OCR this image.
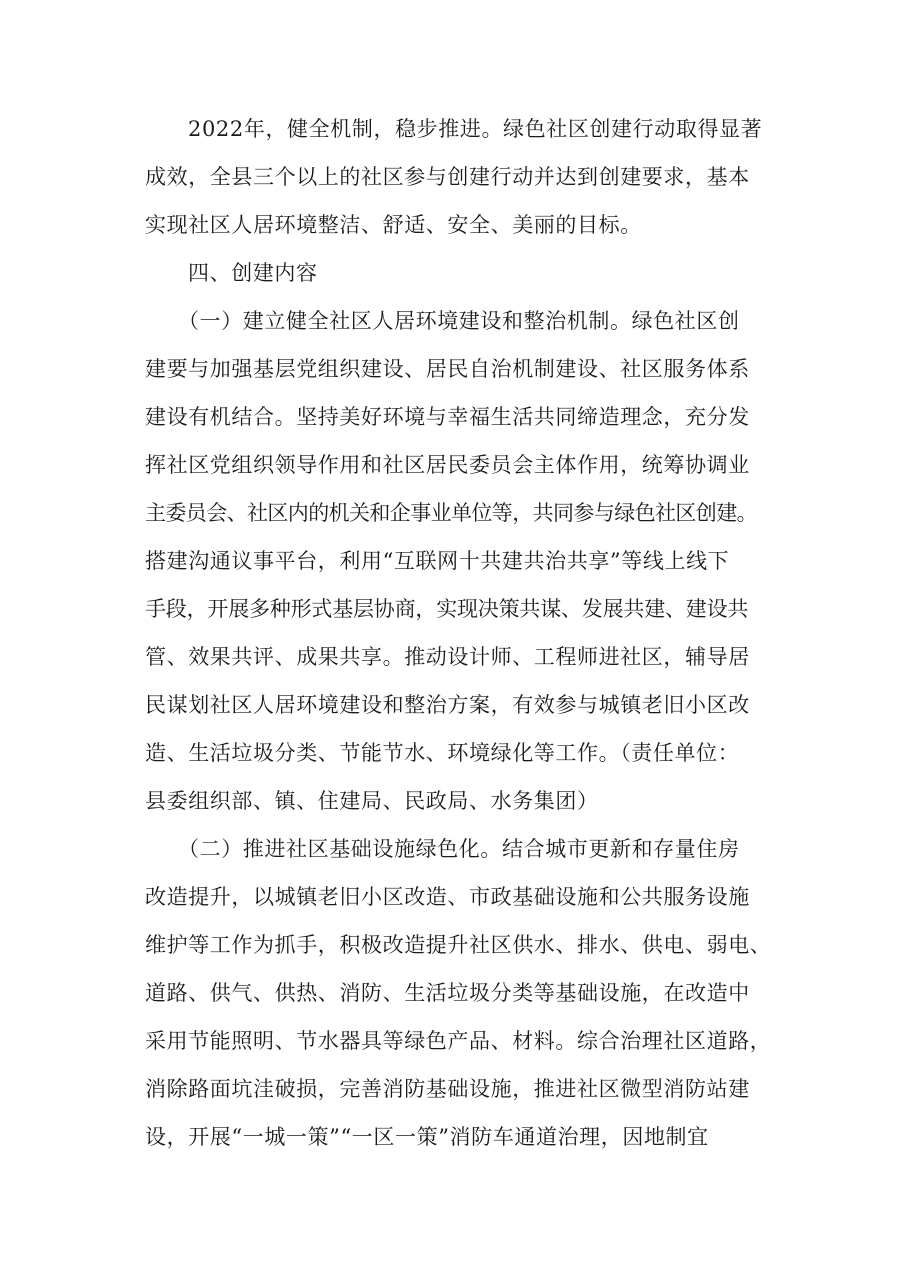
2022年，健全机制，稳步推进。绿色社区创建行动取得显著
成效，全县三个以上的社区参与创建行动并达到创建要求，基本
实现社区人居环境整洁、舒适、安全、美丽的目标。
四、创建内容
（一）建立健全社区人居环境建设和整治机制。绿色社区创
建要与加强基层党组织建设、居民自治机制建设、社区服务体系
建设有机结合。坚持美好环境与幸福生活共同缔造理念，充分发
挥社区党组织领导作用和社区居民委员会主体作用，统筹协调业
主委员会、社区内的机关和企事业单位等，共同参与绿色社区创建。
搭建沟通议事平台，利用“互联网十共建共治共享”等线上线下
手段，开展多种形式基层协商，实现决策共谋、发展共建、建设共
管、效果共评、成果共享。推动设计师、工程师进社区，辅导居
民谋划社区人居环境建设和整治方案，有效参与城镇老旧小区改
造、生活垃圾分类、节能节水、环境绿化等工作。（责任单位：
县委组织部、镇、住建局、民政局、水务集团）
（二）推进社区基础设施绿色化。结合城市更新和存量住房
改造提升，以城镇老旧小区改造、市政基础设施和公共服务设施
维护等工作为抓手，积极改造提升社区供水、排水、供电、弱电、
道路、供气、供热、消防、生活垃圾分类等基础设施，在改造中
采用节能照明、节水器具等绿色产品、材料。综合治理社区道路，
消除路面坑洼破损，完善消防基础设施，推进社区微型消防站建
设，开展“一城一策”“一区一策”消防车通道治理，因地制宜
